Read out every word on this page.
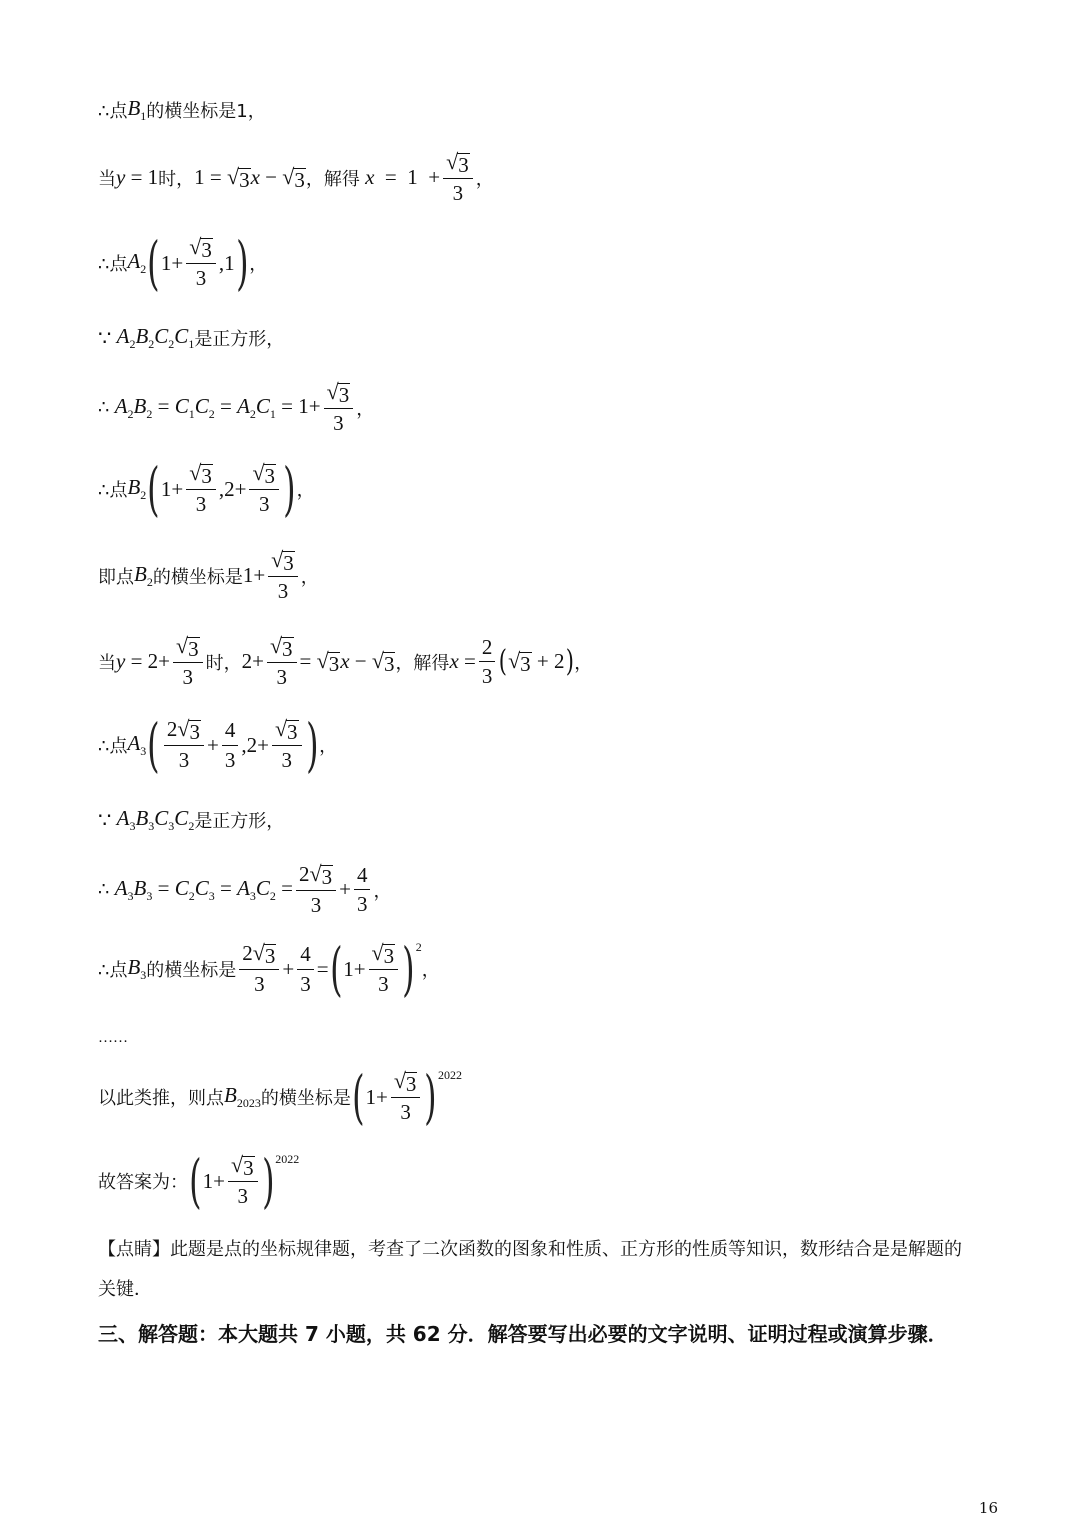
∴点 $B_1$ 的横坐标是1，
当 y = 1 时， 1 = √ 3 x − √ 3 ，解得 $x = 1 + \frac{√ 3}{3}$ ，
∴点 $A_2$ ( $1+ \frac{√ 3}{3} ,1$ ) ，
∵ $A_2B_2C_2C_1$ 是正方形，
∴ $A_2B_2 = C_1C_2 = A_2C_1 = 1+ \frac{√ 3}{3}$ ，
∴点 $B_2$ ( $1+ \frac{√ 3}{3} ,2+ \frac{√ 3}{3}$ ) ，
即点 $B_2$ 的横坐标是 $1+ \frac{√ 3}{3}$ ，
当 $y = 2+ \frac{√ 3}{3}$ 时， $2+ \frac{√ 3}{3}$ = √ 3 x − √ 3 ，解得 $x = \frac{2}{3}$ ( √ 3 + 2 ) ，
∴点 $A_3$ ( $\frac{2 √ 3}{3} + \frac{4}{3} ,2+ \frac{√ 3}{3}$ ) ，
∵ $A_3B_3C_3C_2$ 是正方形，
∴ $A_3B_3 = C_2C_3 = A_3C_2 = \frac{2 √ 3}{3} + \frac{4}{3}$ ，
∴点 $B_3$ 的横坐标是 $\frac{2 √ 3}{3} + \frac{4}{3}$ = ( $1+ \frac{√ 3}{3}$ ) 2
，
……
以此类推，则点 $B_{2023}$ 的横坐标是 ( $1+ \frac{√ 3}{3}$ ) 2022
故答案为： ( $1+ \frac{√ 3}{3}$ ) 2022
【点睛】此题是点的坐标规律题，考查了二次函数的图象和性质、正方形的性质等知识，数形结合是是解题的关键．
三、解答题：本大题共 7 小题，共 62 分．解答要写出必要的文字说明、证明过程或演算步骤．
16
